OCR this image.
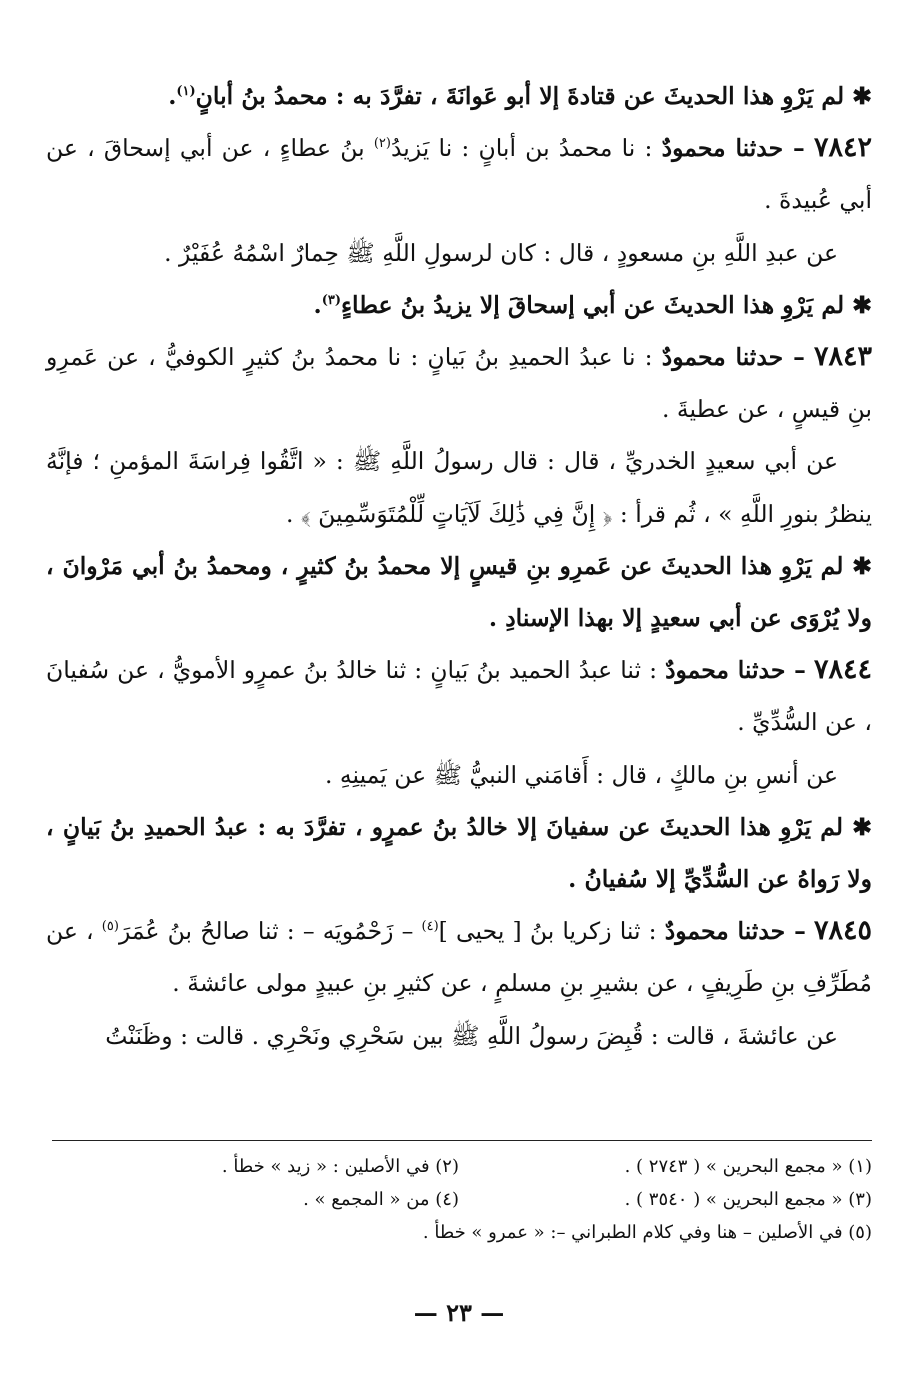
✱ لم يَرْوِ هذا الحديثَ عن قتادةَ إلا أبو عَوانَةَ ، تفرَّدَ به : محمدُ بنُ أبانٍ$^{(١)}$.

٧٨٤٢ – حدثنا محمودٌ : نا محمدُ بن أبانٍ : نا يَزيدُ$^{(٢)}$ بنُ عطاءٍ ، عن أبي إسحاقَ ، عن أبي عُبيدةَ .

عن عبدِ اللَّهِ بنِ مسعودٍ ، قال : كان لرسولِ اللَّهِ ﷺ حِمارٌ اسْمُهُ عُفَيْرٌ .

✱ لم يَرْوِ هذا الحديثَ عن أبي إسحاقَ إلا يزيدُ بنُ عطاءٍ$^{(٣)}$.

٧٨٤٣ – حدثنا محمودٌ : نا عبدُ الحميدِ بنُ بَيانٍ : نا محمدُ بنُ كثيرٍ الكوفيُّ ، عن عَمرِو بنِ قيسٍ ، عن عطيةَ .

عن أبي سعيدٍ الخدريِّ ، قال : قال رسولُ اللَّهِ ﷺ : « اتَّقُوا فِراسَةَ المؤمنِ ؛ فإنَّهُ ينظرُ بنورِ اللَّهِ » ، ثُم قرأ : ﴿ إِنَّ فِي ذَٰلِكَ لَآيَاتٍ لِّلْمُتَوَسِّمِينَ ﴾ .

✱ لم يَرْوِ هذا الحديثَ عن عَمرِو بنِ قيسٍ إلا محمدُ بنُ كثيرٍ ، ومحمدُ بنُ أبي مَرْوانَ ، ولا يُرْوَى عن أبي سعيدٍ إلا بهذا الإسنادِ .

٧٨٤٤ – حدثنا محمودٌ : ثنا عبدُ الحميد بنُ بَيانٍ : ثنا خالدُ بنُ عمرٍو الأمويُّ ، عن سُفيانَ ، عن السُّدِّيِّ .

عن أنسِ بنِ مالكٍ ، قال : أَقامَني النبيُّ ﷺ عن يَمينِهِ .

✱ لم يَرْوِ هذا الحديثَ عن سفيانَ إلا خالدُ بنُ عمرٍو ، تفرَّدَ به : عبدُ الحميدِ بنُ بَيانٍ ، ولا رَواهُ عن السُّدِّيِّ إلا سُفيانُ .

٧٨٤٥ – حدثنا محمودٌ : ثنا زكريا بنُ [ يحيى ]$^{(٤)}$ – زَحْمُويَه – : ثنا صالحُ بنُ عُمَرَ$^{(٥)}$ ، عن مُطَرِّفِ بنِ طَرِيفٍ ، عن بشيرِ بنِ مسلمٍ ، عن كثيرِ بنِ عبيدٍ مولى عائشةَ .

عن عائشةَ ، قالت : قُبِضَ رسولُ اللَّهِ ﷺ بين سَحْرِي ونَحْرِي . قالت : وظَنَنْتُ

(١) « مجمع البحرين » ( ٢٧٤٣ ) .
(٢) في الأصلين : « زيد » خطأ .
(٣) « مجمع البحرين » ( ٣٥٤٠ ) .
(٤) من « المجمع » .
(٥) في الأصلين – هنا وفي كلام الطبراني –: « عمرو » خطأ .
— ٢٣ —
